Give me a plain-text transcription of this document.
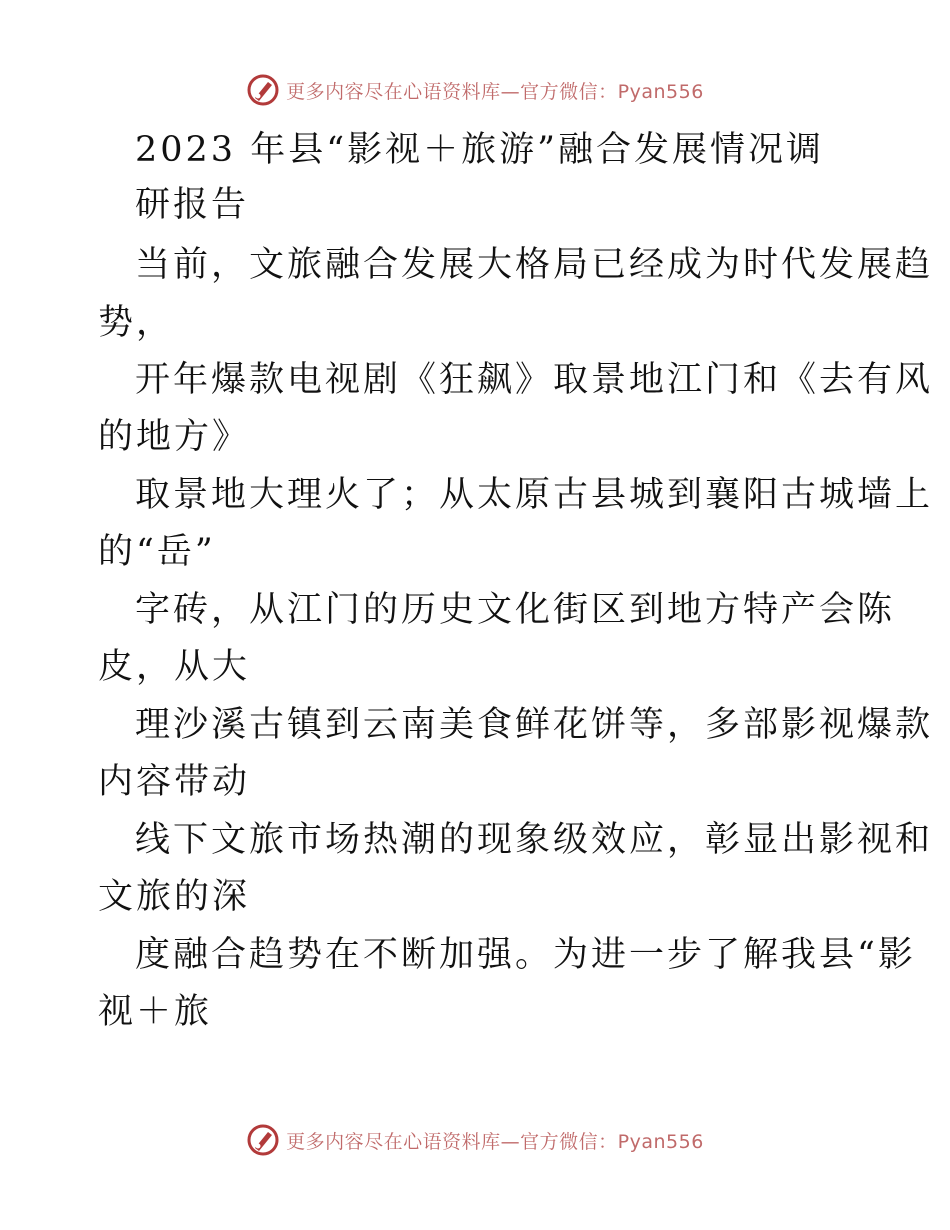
更多内容尽在心语资料库—官方微信：Pyan556
2023 年县“影视＋旅游”融合发展情况调
研报告
当前，文旅融合发展大格局已经成为时代发展趋
势，
开年爆款电视剧《狂飙》取景地江门和《去有风
的地方》
取景地大理火了；从太原古县城到襄阳古城墙上
的“岳”
字砖，从江门的历史文化街区到地方特产会陈
皮，从大
理沙溪古镇到云南美食鲜花饼等，多部影视爆款
内容带动
线下文旅市场热潮的现象级效应，彰显出影视和
文旅的深
度融合趋势在不断加强。为进一步了解我县“影
视＋旅
更多内容尽在心语资料库—官方微信：Pyan556
